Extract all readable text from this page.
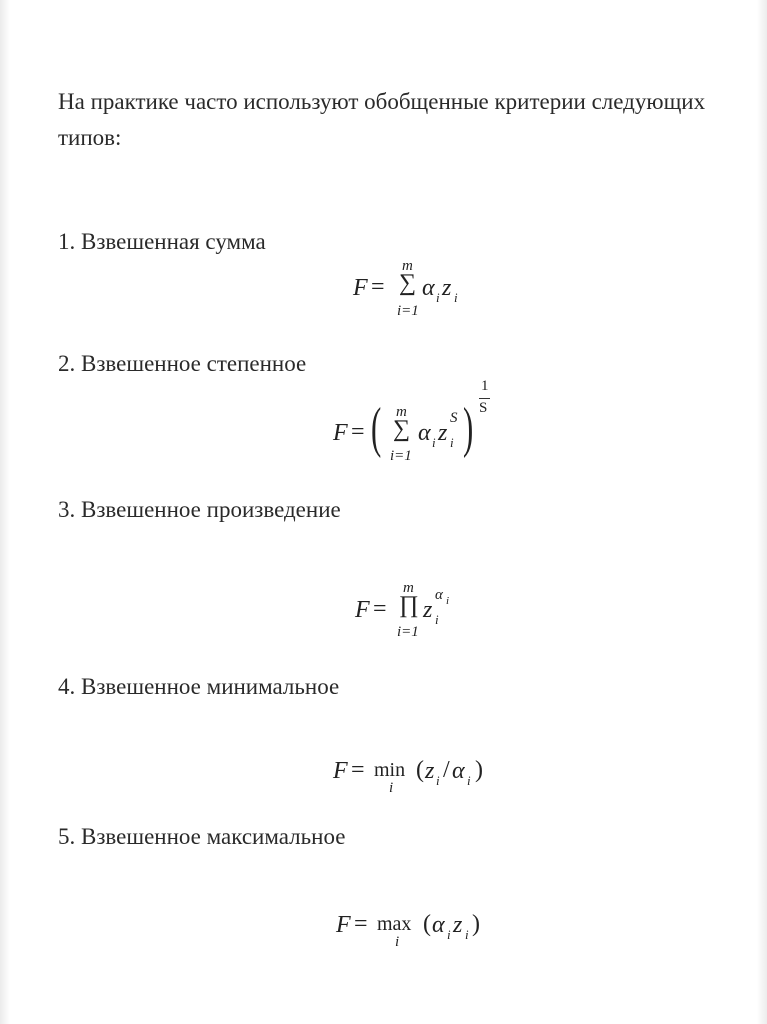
На практике часто используют обобщенные критерии следующих
типов:
1. Взвешенная сумма
F =
m
∑
i=1
α i z i
2. Взвешенное степенное
F = ( m
∑
i=1
α i z i
S )
1
S
3. Взвешенное произведение
F =
m
∏
i=1
z i
α i
4. Взвешенное минимальное
F = min
i
( z i / α i )
5. Взвешенное максимальное
F = max
i
( α i z i )
